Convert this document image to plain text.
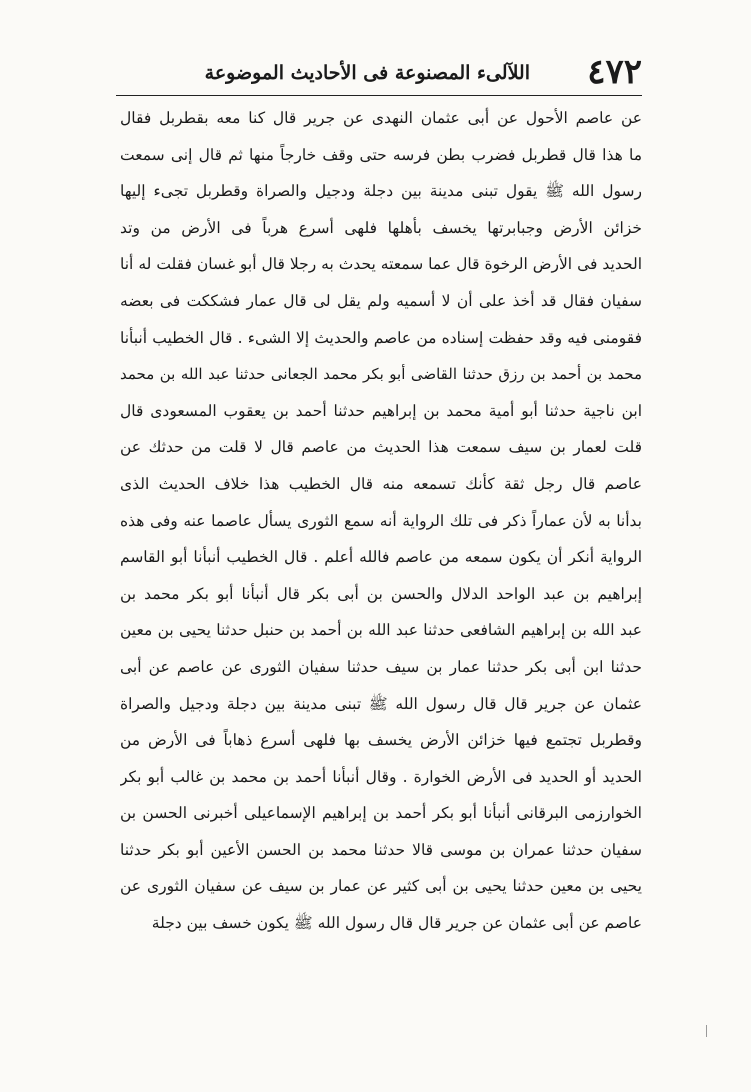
٤٧٢
اللآلىء المصنوعة فى الأحاديث الموضوعة
عن عاصم الأحول عن أبى عثمان النهدى عن جرير قال كنا معه بقطربل فقال
ما هذا قال قطربل فضرب بطن فرسه حتى وقف خارجاً منها ثم قال إنى سمعت
رسول الله ﷺ يقول تبنى مدينة بين دجلة ودجيل والصراة وقطربل تجىء إليها
خزائن الأرض وجبابرتها يخسف بأهلها فلهى أسرع هرباً فى الأرض من وتد
الحديد فى الأرض الرخوة قال عما سمعته يحدث به رجلا قال أبو غسان فقلت له أنا
سفيان فقال قد أخذ على أن لا أسميه ولم يقل لى قال عمار فشككت فى بعضه
فقومنى فيه وقد حفظت إسناده من عاصم والحديث إلا الشىء . قال الخطيب أنبأنا
محمد بن أحمد بن رزق حدثنا القاضى أبو بكر محمد الجعانى حدثنا عبد الله بن محمد
ابن ناجية حدثنا أبو أمية محمد بن إبراهيم حدثنا أحمد بن يعقوب المسعودى قال
قلت لعمار بن سيف سمعت هذا الحديث من عاصم قال لا قلت من حدثك عن
عاصم قال رجل ثقة كأنك تسمعه منه قال الخطيب هذا خلاف الحديث الذى
بدأنا به لأن عماراً ذكر فى تلك الرواية أنه سمع الثورى يسأل عاصما عنه وفى هذه
الرواية أنكر أن يكون سمعه من عاصم فالله أعلم . قال الخطيب أنبأنا أبو القاسم
إبراهيم بن عبد الواحد الدلال والحسن بن أبى بكر قال أنبأنا أبو بكر محمد بن
عبد الله بن إبراهيم الشافعى حدثنا عبد الله بن أحمد بن حنبل حدثنا يحيى بن معين
حدثنا ابن أبى بكر حدثنا عمار بن سيف حدثنا سفيان الثورى عن عاصم عن أبى
عثمان عن جرير قال قال رسول الله ﷺ تبنى مدينة بين دجلة ودجيل والصراة
وقطربل تجتمع فيها خزائن الأرض يخسف بها فلهى أسرع ذهاباً فى الأرض من
الحديد أو الحديد فى الأرض الخوارة . وقال أنبأنا أحمد بن محمد بن غالب أبو بكر
الخوارزمى البرقانى أنبأنا أبو بكر أحمد بن إبراهيم الإسماعيلى أخبرنى الحسن بن
سفيان حدثنا عمران بن موسى قالا حدثنا محمد بن الحسن الأعين أبو بكر حدثنا
يحيى بن معين حدثنا يحيى بن أبى كثير عن عمار بن سيف عن سفيان الثورى عن
عاصم عن أبى عثمان عن جرير قال قال رسول الله ﷺ يكون خسف بين دجلة
